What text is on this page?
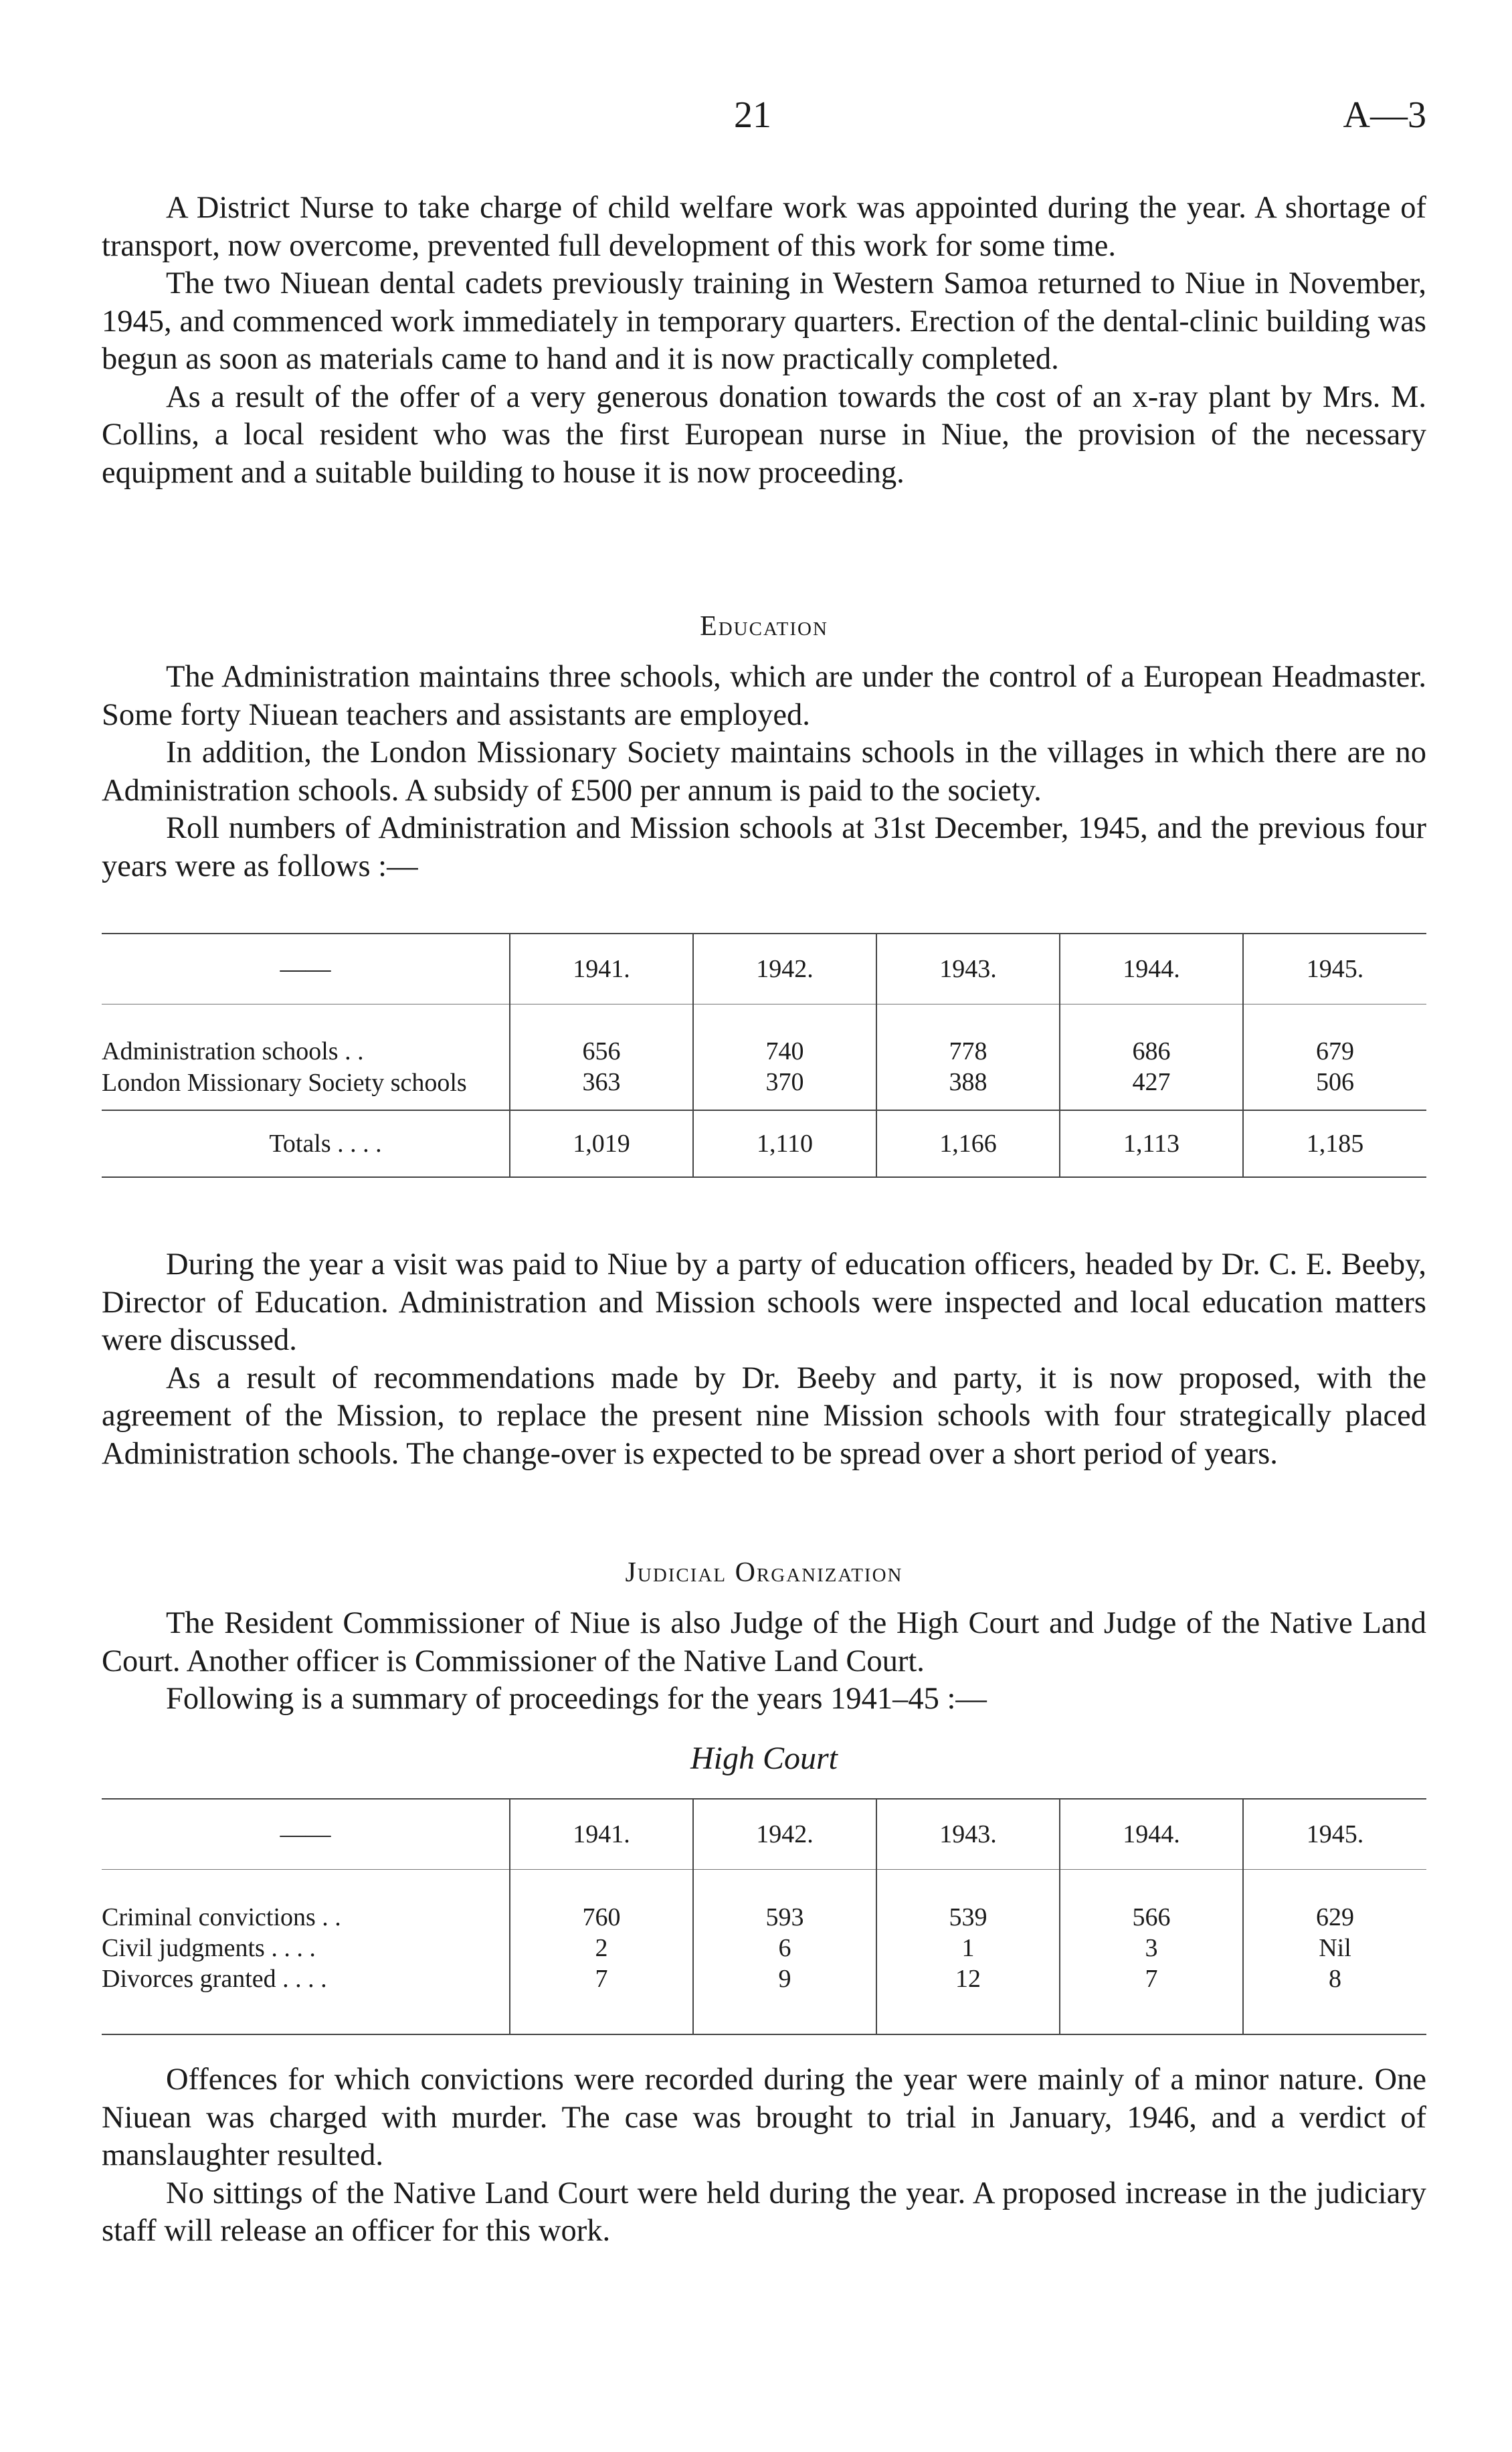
21	A—3

A District Nurse to take charge of child welfare work was appointed during the year. A shortage of transport, now overcome, prevented full development of this work for some time.

The two Niuean dental cadets previously training in Western Samoa returned to Niue in November, 1945, and commenced work immediately in temporary quarters. Erection of the dental-clinic building was begun as soon as materials came to hand and it is now practically completed.

As a result of the offer of a very generous donation towards the cost of an x-ray plant by Mrs. M. Collins, a local resident who was the first European nurse in Niue, the provision of the necessary equipment and a suitable building to house it is now proceeding.

Education

The Administration maintains three schools, which are under the control of a European Headmaster. Some forty Niuean teachers and assistants are employed.

In addition, the London Missionary Society maintains schools in the villages in which there are no Administration schools. A subsidy of £500 per annum is paid to the society.

Roll numbers of Administration and Mission schools at 31st December, 1945, and the previous four years were as follows :—

——	1941.	1942.	1943.	1944.	1945.

Administration schools . .	656	740	778	686	679
London Missionary Society schools	363	370	388	427	506

Totals . . . .	1,019	1,110	1,166	1,113	1,185

During the year a visit was paid to Niue by a party of education officers, headed by Dr. C. E. Beeby, Director of Education. Administration and Mission schools were inspected and local education matters were discussed.

As a result of recommendations made by Dr. Beeby and party, it is now proposed, with the agreement of the Mission, to replace the present nine Mission schools with four strategically placed Administration schools. The change-over is expected to be spread over a short period of years.

Judicial Organization

The Resident Commissioner of Niue is also Judge of the High Court and Judge of the Native Land Court. Another officer is Commissioner of the Native Land Court.

Following is a summary of proceedings for the years 1941–45 :—

High Court
——	1941.	1942.	1943.	1944.	1945.

Criminal convictions . .	760	593	539	566	629
Civil judgments . . . .	2	6	1	3	Nil
Divorces granted . . . .	7	9	12	7	8

Offences for which convictions were recorded during the year were mainly of a minor nature. One Niuean was charged with murder. The case was brought to trial in January, 1946, and a verdict of manslaughter resulted.

No sittings of the Native Land Court were held during the year. A proposed increase in the judiciary staff will release an officer for this work.
